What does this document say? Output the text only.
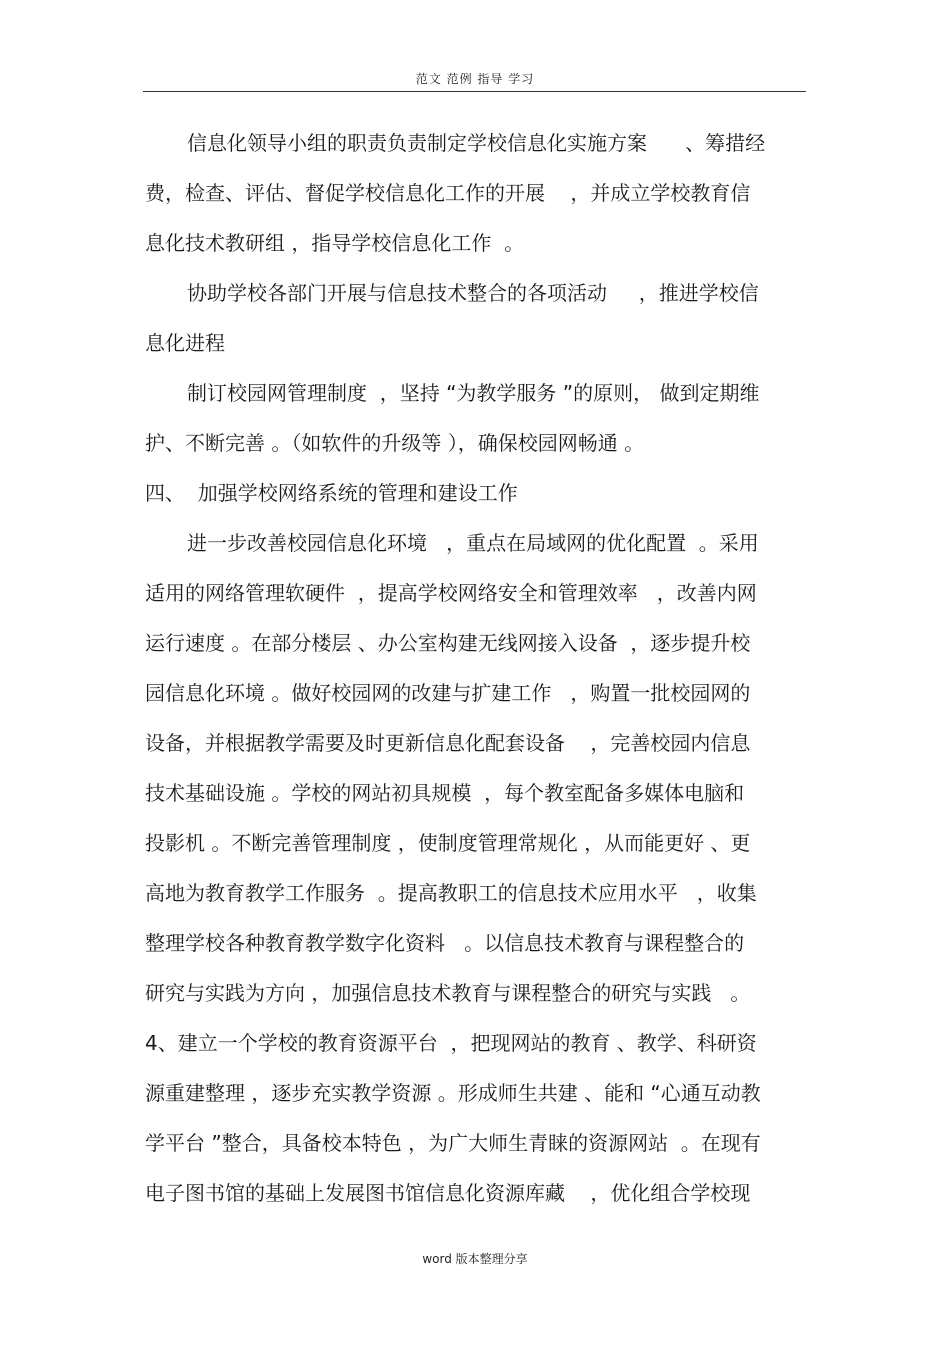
范文 范例 指导 学习
信息化领导小组的职责负责制定学校信息化实施方案      、筹措经
费，检查、评估、督促学校信息化工作的开展    ，并成立学校教育信
息化技术教研组 ，指导学校信息化工作  。
协助学校各部门开展与信息技术整合的各项活动     ，推进学校信
息化进程
制订校园网管理制度  ，坚持 “为教学服务 ”的原则， 做到定期维
护、不断完善 。（如软件的升级等 ），确保校园网畅通 。
四、  加强学校网络系统的管理和建设工作
进一步改善校园信息化环境   ，重点在局域网的优化配置  。采用
适用的网络管理软硬件  ，提高学校网络安全和管理效率   ，改善内网
运行速度 。在部分楼层 、办公室构建无线网接入设备  ，逐步提升校
园信息化环境 。做好校园网的改建与扩建工作   ，购置一批校园网的
设备，并根据教学需要及时更新信息化配套设备    ，完善校园内信息
技术基础设施 。学校的网站初具规模  ，每个教室配备多媒体电脑和
投影机 。不断完善管理制度 ，使制度管理常规化 ，从而能更好 、更
高地为教育教学工作服务  。提高教职工的信息技术应用水平   ，收集
整理学校各种教育教学数字化资料   。以信息技术教育与课程整合的
研究与实践为方向 ，加强信息技术教育与课程整合的研究与实践   。
4、建立一个学校的教育资源平台  ，把现网站的教育 、教学、科研资
源重建整理 ，逐步充实教学资源 。形成师生共建 、能和 “心通互动教
学平台 ”整合，具备校本特色 ，为广大师生青睐的资源网站  。在现有
电子图书馆的基础上发展图书馆信息化资源库藏    ，优化组合学校现
word 版本整理分享
